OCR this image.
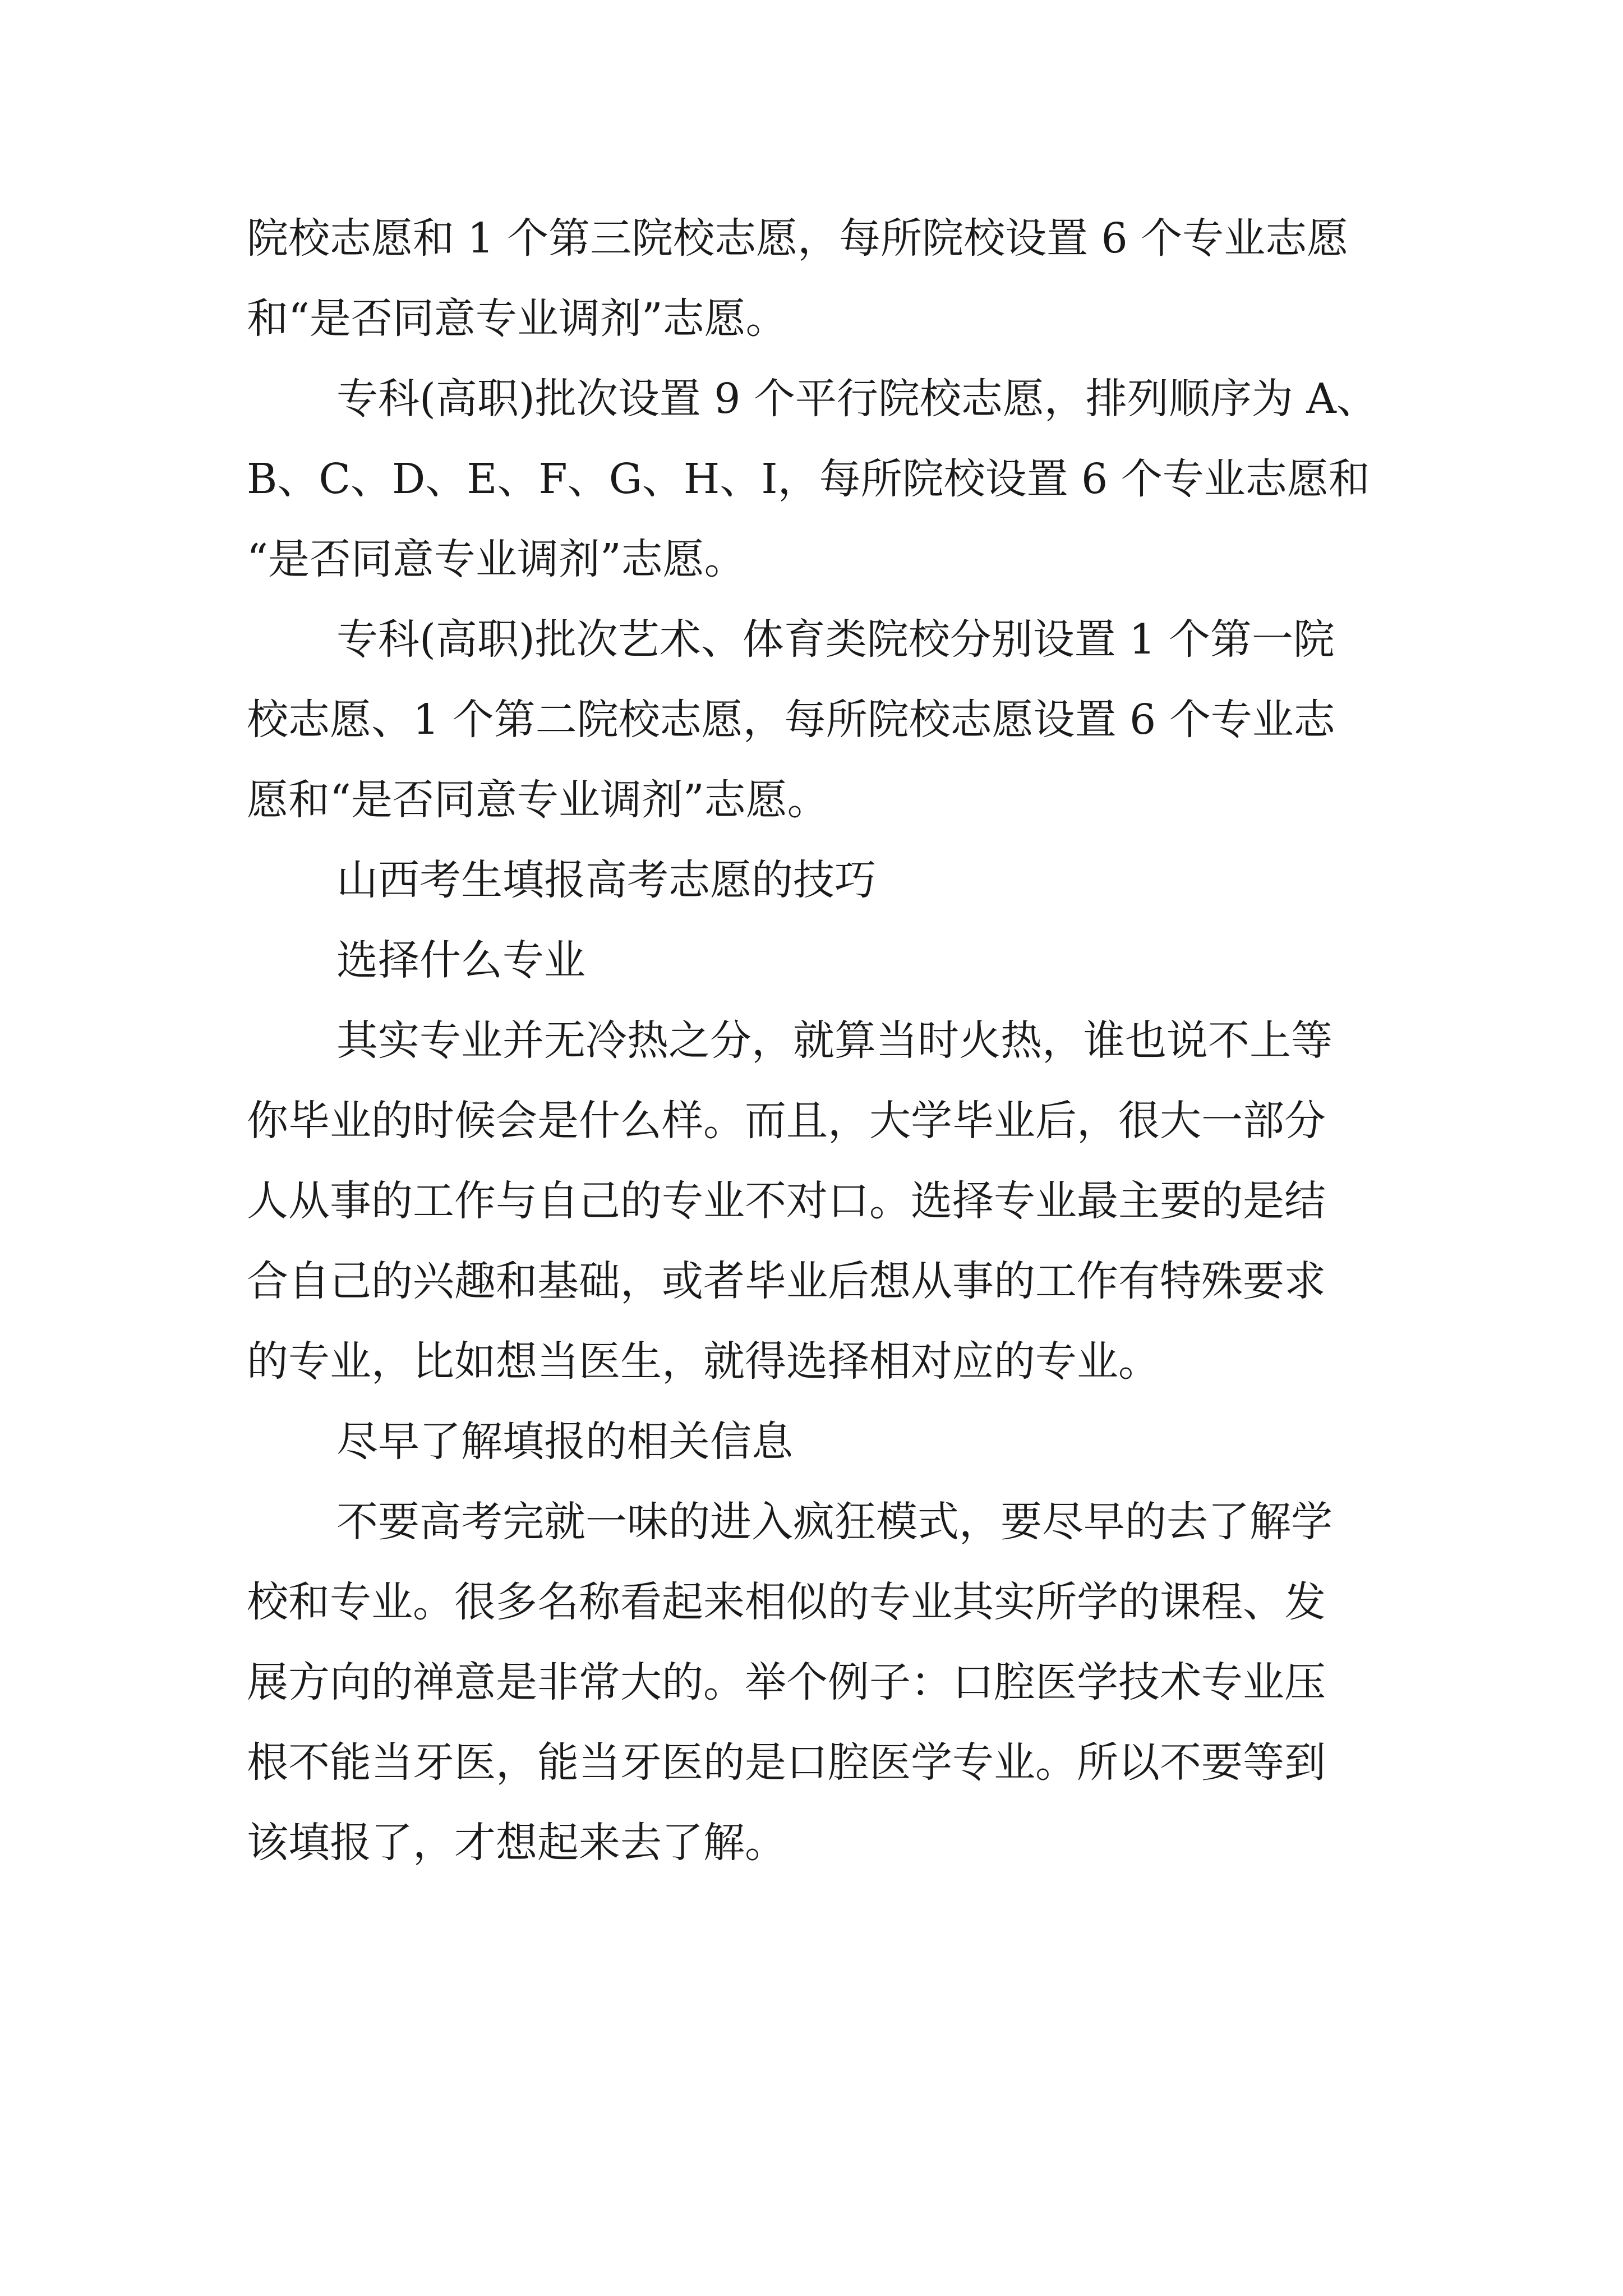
院校志愿和 1 个第三院校志愿，每所院校设置 6 个专业志愿

和“是否同意专业调剂”志愿。

专科(高职)批次设置 9 个平行院校志愿，排列顺序为 A、

B、C、D、E、F、G、H、I，每所院校设置 6 个专业志愿和

“是否同意专业调剂”志愿。

专科(高职)批次艺术、体育类院校分别设置 1 个第一院

校志愿、1 个第二院校志愿，每所院校志愿设置 6 个专业志

愿和“是否同意专业调剂”志愿。

山西考生填报高考志愿的技巧

选择什么专业

其实专业并无冷热之分，就算当时火热，谁也说不上等

你毕业的时候会是什么样。而且，大学毕业后，很大一部分

人从事的工作与自己的专业不对口。选择专业最主要的是结

合自己的兴趣和基础，或者毕业后想从事的工作有特殊要求

的专业，比如想当医生，就得选择相对应的专业。

尽早了解填报的相关信息

不要高考完就一味的进入疯狂模式，要尽早的去了解学

校和专业。很多名称看起来相似的专业其实所学的课程、发

展方向的禅意是非常大的。举个例子：口腔医学技术专业压

根不能当牙医，能当牙医的是口腔医学专业。所以不要等到

该填报了，才想起来去了解。
